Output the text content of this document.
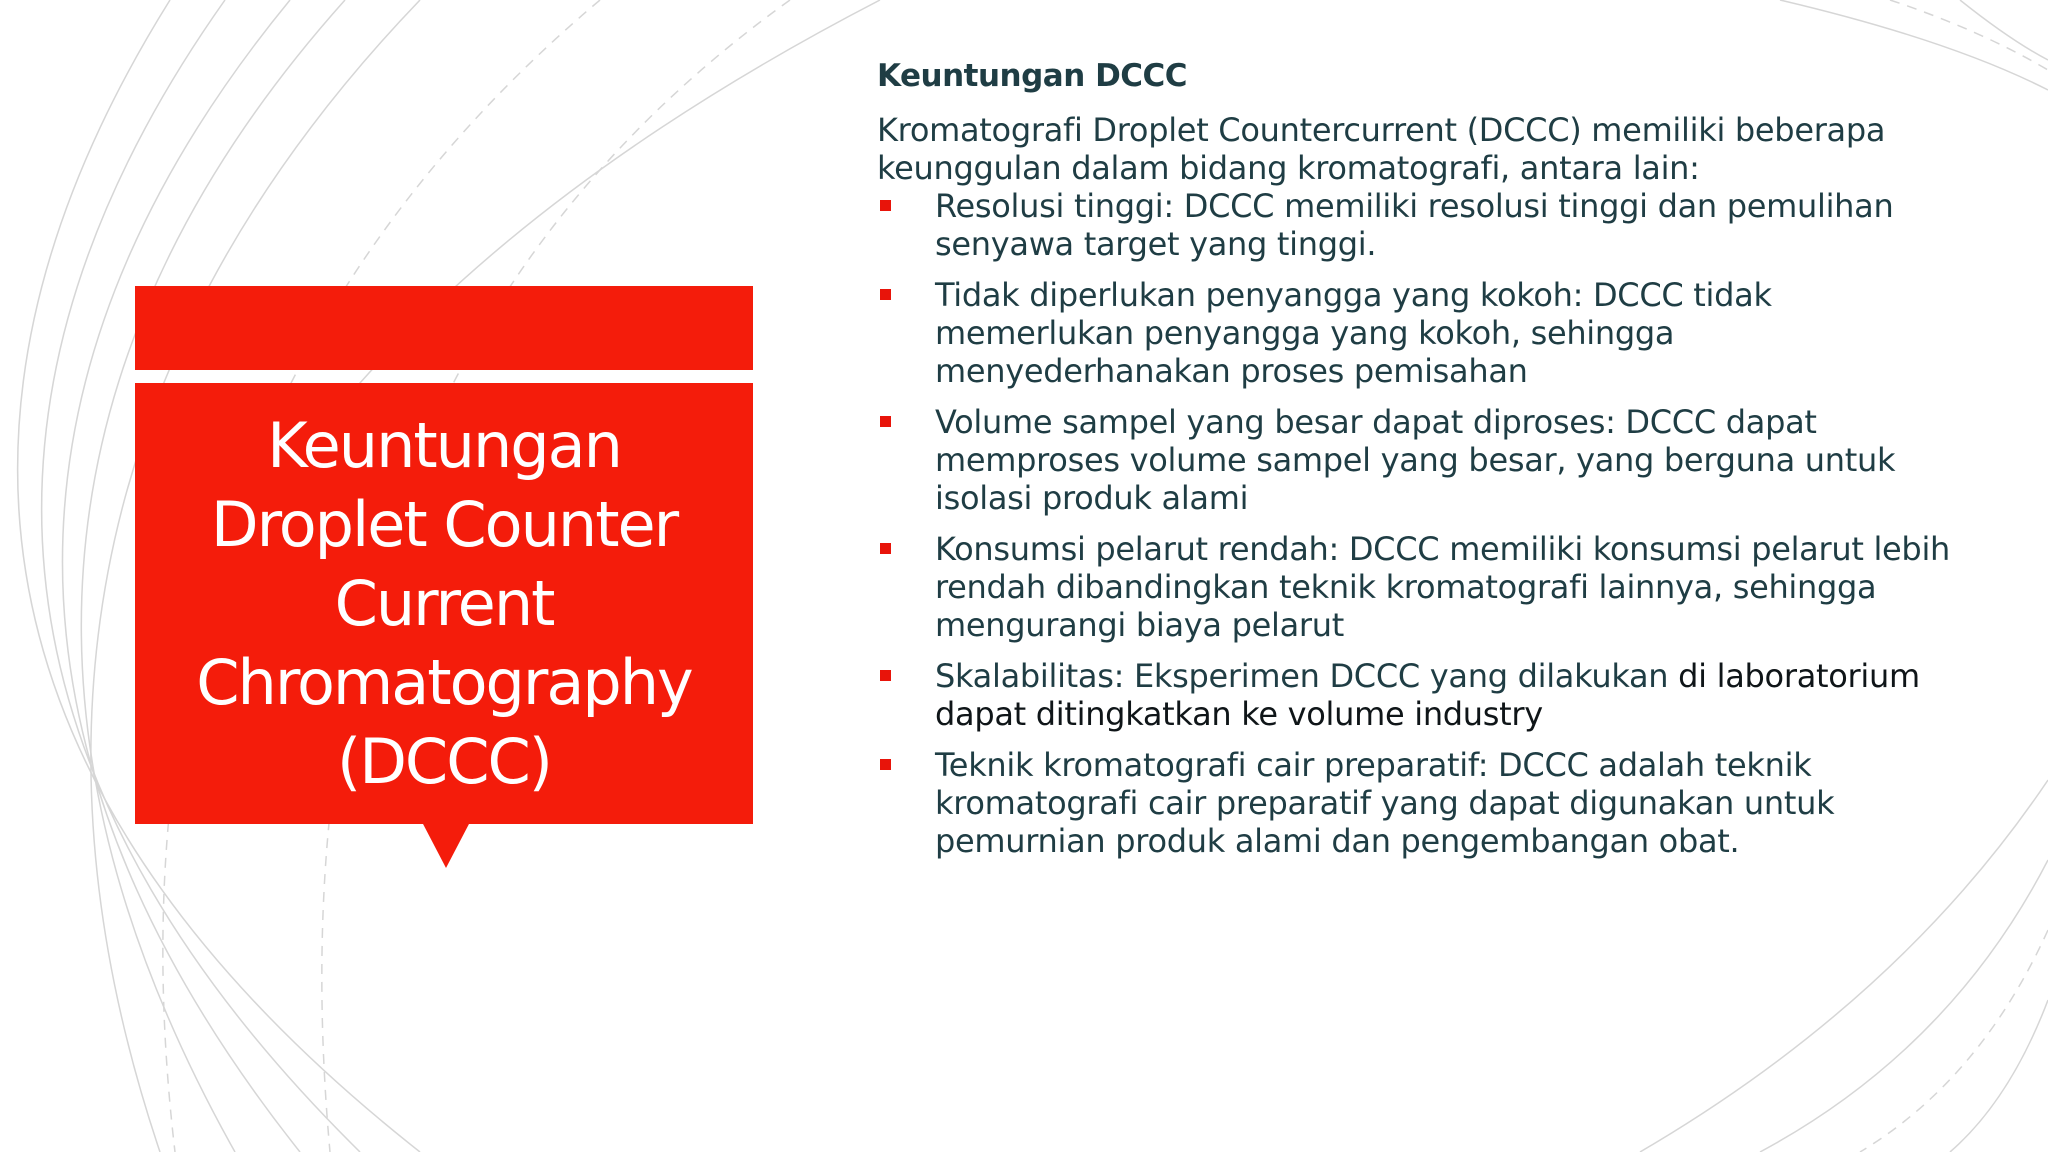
Keuntungan
Droplet Counter
Current
Chromatography
(DCCC)

Keuntungan DCCC

Kromatografi Droplet Countercurrent (DCCC) memiliki beberapa keunggulan dalam bidang kromatografi, antara lain:

Resolusi tinggi: DCCC memiliki resolusi tinggi dan pemulihan senyawa target yang tinggi.
Tidak diperlukan penyangga yang kokoh: DCCC tidak memerlukan penyangga yang kokoh, sehingga menyederhanakan proses pemisahan
Volume sampel yang besar dapat diproses: DCCC dapat memproses volume sampel yang besar, yang berguna untuk isolasi produk alami
Konsumsi pelarut rendah: DCCC memiliki konsumsi pelarut lebih rendah dibandingkan teknik kromatografi lainnya, sehingga mengurangi biaya pelarut
Skalabilitas: Eksperimen DCCC yang dilakukan di laboratorium dapat ditingkatkan ke volume industry
Teknik kromatografi cair preparatif: DCCC adalah teknik kromatografi cair preparatif yang dapat digunakan untuk pemurnian produk alami dan pengembangan obat.
